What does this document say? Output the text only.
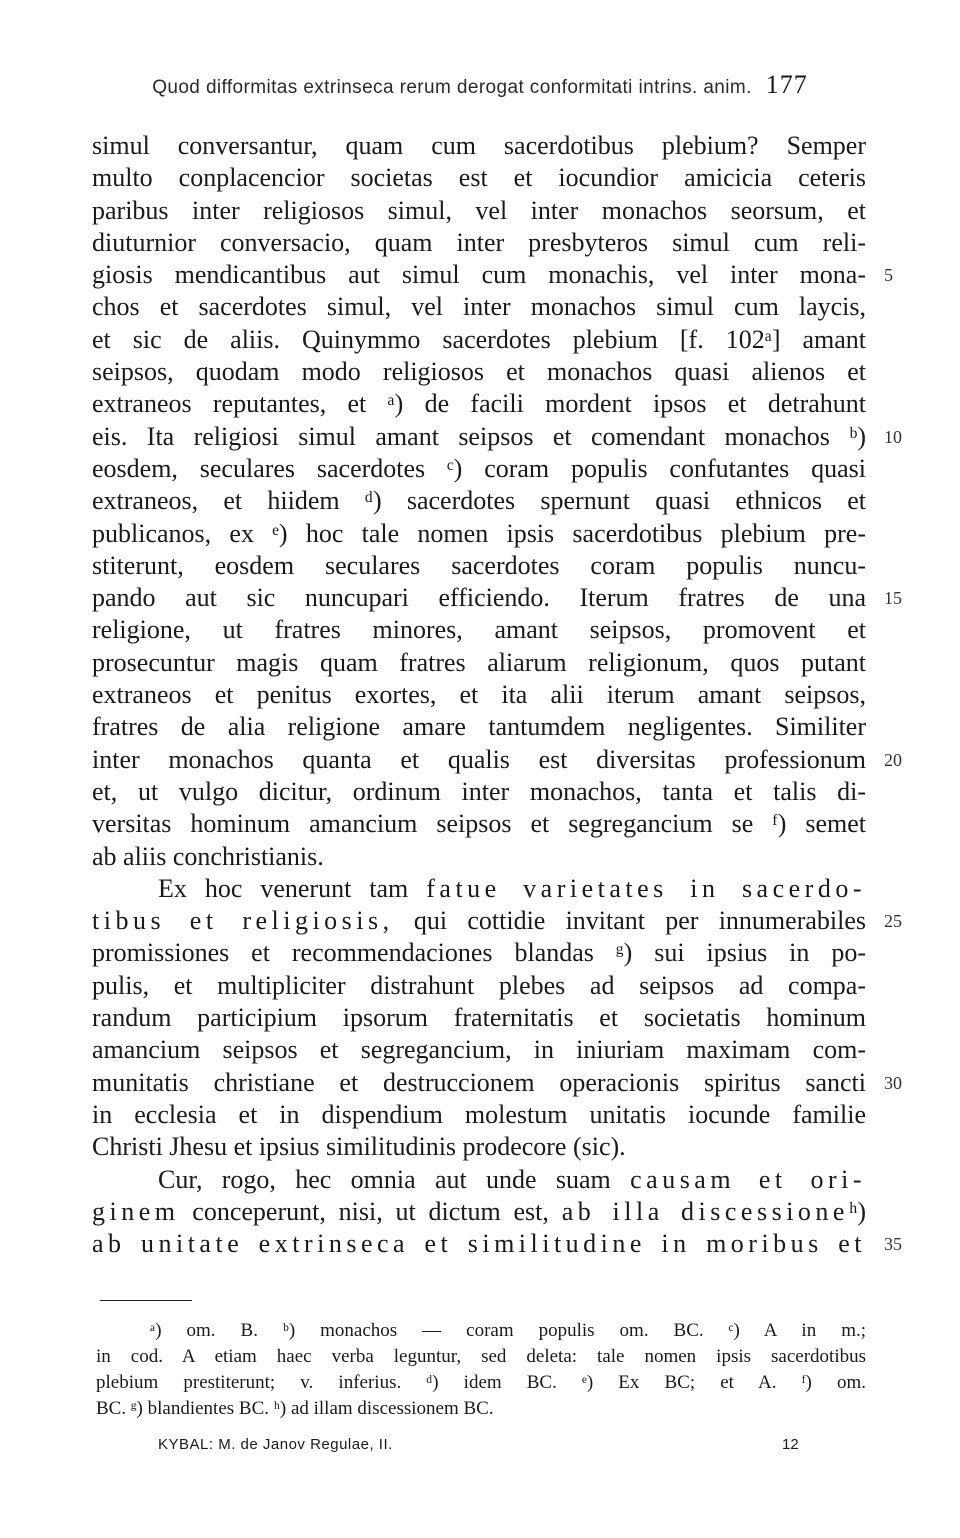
Quod difformitas extrinseca rerum derogat conformitati intrins. anim. 177
simul conversantur, quam cum sacerdotibus plebium? Semper
multo conplacencior societas est et iocundior amicicia ceteris
paribus inter religiosos simul, vel inter monachos seorsum, et
diuturnior conversacio, quam inter presbyteros simul cum reli-
giosis mendicantibus aut simul cum monachis, vel inter mona- 5
chos et sacerdotes simul, vel inter monachos simul cum laycis,
et sic de aliis. Quinymmo sacerdotes plebium [f. 102ᵃ] amant
seipsos, quodam modo religiosos et monachos quasi alienos et
extraneos reputantes, et ᵃ) de facili mordent ipsos et detrahunt
eis. Ita religiosi simul amant seipsos et comendant monachos ᵇ) 10
eosdem, seculares sacerdotes ᶜ) coram populis confutantes quasi
extraneos, et hiidem ᵈ) sacerdotes spernunt quasi ethnicos et
publicanos, ex ᵉ) hoc tale nomen ipsis sacerdotibus plebium pre-
stiterunt, eosdem seculares sacerdotes coram populis nuncu-
pando aut sic nuncupari efficiendo. Iterum fratres de una 15
religione, ut fratres minores, amant seipsos, promovent et
prosecuntur magis quam fratres aliarum religionum, quos putant
extraneos et penitus exortes, et ita alii iterum amant seipsos,
fratres de alia religione amare tantumdem negligentes. Similiter
inter monachos quanta et qualis est diversitas professionum 20
et, ut vulgo dicitur, ordinum inter monachos, tanta et talis di-
versitas hominum amancium seipsos et segregancium se ᶠ) semet
ab aliis conchristianis.
Ex hoc venerunt tam fatue varietates in sacerdo-
tibus et religiosis, qui cottidie invitant per innumerabiles 25
promissiones et recommendaciones blandas ᵍ) sui ipsius in po-
pulis, et multipliciter distrahunt plebes ad seipsos ad compa-
randum participium ipsorum fraternitatis et societatis hominum
amancium seipsos et segregancium, in iniuriam maximam com-
munitatis christiane et destruccionem operacionis spiritus sancti 30
in ecclesia et in dispendium molestum unitatis iocunde familie
Christi Jhesu et ipsius similitudinis prodecore (sic).
Cur, rogo, hec omnia aut unde suam causam et ori-
ginem conceperunt, nisi, ut dictum est, ab illa discessioneʰ)
ab unitate extrinseca et similitudine in moribus et 35
ᵃ) om. B. ᵇ) monachos — coram populis om. BC. ᶜ) A in m.;
in cod. A etiam haec verba leguntur, sed deleta: tale nomen ipsis sacerdotibus
plebium prestiterunt; v. inferius. ᵈ) idem BC. ᵉ) Ex BC; et A. ᶠ) om.
BC. ᵍ) blandientes BC. ʰ) ad illam discessionem BC.
KYBAL: M. de Janov Regulae, II.	12
